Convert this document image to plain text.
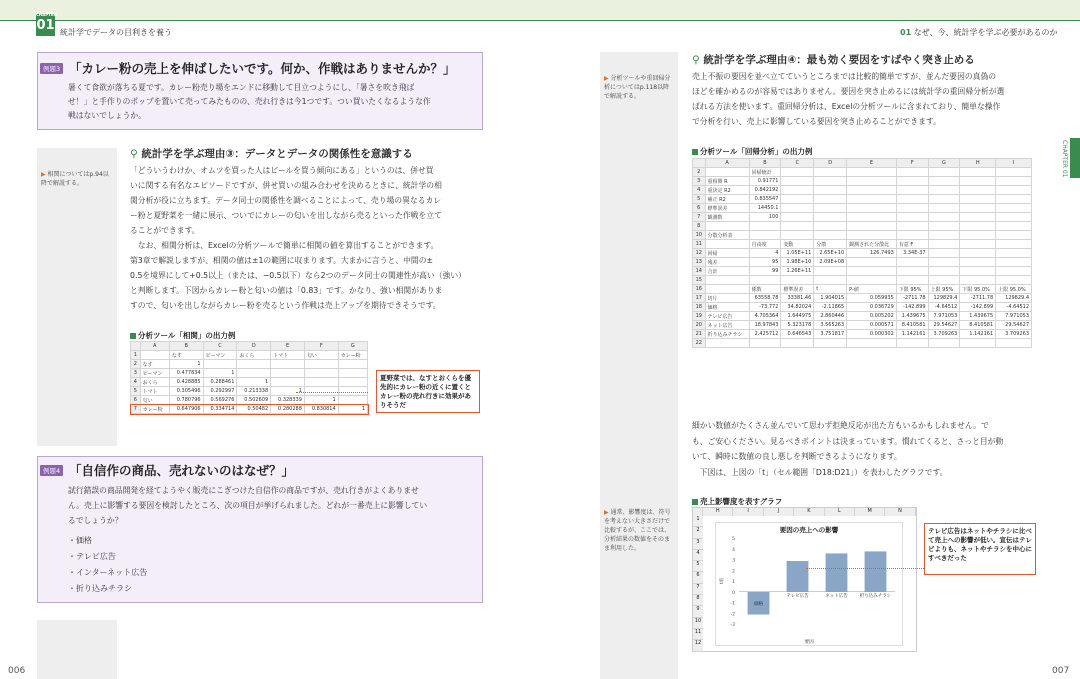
CHAPTER
01 統計学でデータの目利きを養う
例題3 「カレー粉の売上を伸ばしたいです。何か、作戦はありませんか？」
暑くて食欲が落ちる夏です。カレー粉売り場をエンドに移動して目立つようにし、「暑さを吹き飛ば
せ！」と手作りのポップを置いて売ってみたものの、売れ行きは今1つです。つい買いたくなるような作
戦はないでしょうか。
▶ 相関についてはp.94以降で解説する。
⚲ 統計学を学ぶ理由③：データとデータの関係性を意識する
「どういうわけか、オムツを買った人はビールを買う傾向にある」というのは、併せ買
いに関する有名なエピソードですが、併せ買いの組み合わせを決めるときに、統計学の相
関分析が役に立ちます。データ同士の関係性を調べることによって、売り場の異なるカレ
ー粉と夏野菜を一緒に展示、ついでにカレーの匂いを出しながら売るといった作戦を立て
ることができます。
　なお、相関分析は、Excelの分析ツールで簡単に相関の値を算出することができます。
第3章で解説しますが、相関の値は±1の範囲に収まります。大まかに言うと、中間の±
0.5を境界にして+0.5以上（または、−0.5以下）なら2つのデータ同士の関連性が高い（強い）
と判断します。下図からカレー粉と匂いの値は「0.83」です。かなり、強い相関がありま
すので、匂いを出しながらカレー粉を売るという作戦は売上アップを期待できそうです。
分析ツール「相関」の出力例
	A	B	C	D	E	F	G
1		なす	ピーマン	おくら	トマト	匂い	カレー粉
2	なす	1					
3	ピーマン	0.477834	1				
4	おくら	0.428885	0.288461	1			
5	トマト	0.305496	0.292997	0.213338	1		
6	匂い	0.780796	0.569276	0.502609	0.328339	1	
7	カレー粉	0.647906	0.334714	0.50482	0.280288	0.830814	1
夏野菜では、なすとおくらを優先的にカレー粉の近くに置くとカレー粉の売れ行きに効果がありそうだ
例題4 「自信作の商品、売れないのはなぜ？」
試行錯誤の商品開発を経てようやく販売にこぎつけた自信作の商品ですが、売れ行きがよくありませ
ん。売上に影響する要因を検討したところ、次の項目が挙げられました。どれが一番売上に影響してい
るでしょうか？
・価格
・テレビ広告
・インターネット広告
・折り込みチラシ
006
01 なぜ、今、統計学を学ぶ必要があるのか
CHAPTER 01
▶ 分析ツールや重回帰分析についてはp.118以降で解説する。
▶ 通常、影響度は、符号を考えない大きさだけで比較するが、ここでは、分析結果の数値をそのまま利用した。
⚲ 統計学を学ぶ理由④：最も効く要因をすばやく突き止める
売上不振の要因を並べ立てていうところまでは比較的簡単ですが、並んだ要因の真偽の
ほどを確かめるのが容易ではありません。要因を突き止めるには統計学の重回帰分析が選
ばれる方法を使います。重回帰分析は、Excelの分析ツールに含まれており、簡単な操作
で分析を行い、売上に影響している要因を突き止めることができます。
分析ツール「回帰分析」の出力例
	A	B	C	D	E	F	G	H	I
2		回帰統計							
3	重相関 R	0.91771							
4	重決定 R2	0.842192							
5	補正 R2	0.835547							
6	標準誤差	14450.1							
7	観測数	100							
8									
10	分散分析表								
11		自由度	変動	分散	観測された分散比	有意 F			
12	回帰	4	1.05E+11	2.65E+10	126.7493	3.34E-37			
13	残差	95	1.98E+10	2.09E+08					
14	合計	99	1.26E+11						
15									
16		係数	標準誤差	t	P-値	下限 95%	上限 95%	下限 95.0%	上限 95.0%
17	切片	63558.78	33381.46	1.904015	0.059935	-2711.78	129829.4	-2711.78	129829.4
18	価格	-73.772	34.82024	-2.11865	0.036729	-142.899	-4.64512	-142.899	-4.64512
19	テレビ広告	4.705364	1.644975	2.860446	0.005202	1.439675	7.971053	1.439675	7.971053
20	ネット広告	18.97843	5.323178	3.565263	0.000571	8.410581	29.54627	8.410581	29.54627
21	折り込みチラシ	2.425712	0.646543	3.751817	0.000302	1.142161	3.709263	1.142161	3.709263
22									
細かい数値がたくさん並んでいて思わず拒絶反応が出た方もいるかもしれません。で
も、ご安心ください。見るべきポイントは決まっています。慣れてくると、さっと目が動
いて、瞬時に数値の良し悪しを判断できるようになります。
　下図は、上図の「t」（セル範囲「D18:D21」）を表わしたグラフです。
売上影響度を表すグラフ
H	I	J	K	L	M	N
1
2
3
4
5
6
7
8
9
10
11
12
要因の売上への影響
5
4
3
2
1
0
-1
-2
-3
t値
価格
テレビ広告	ネット広告	折り込みチラシ
要因
テレビ広告はネットやチラシに比べて売上への影響が低い。宣伝はテレビよりも、ネットやチラシを中心にすべきだった
007
